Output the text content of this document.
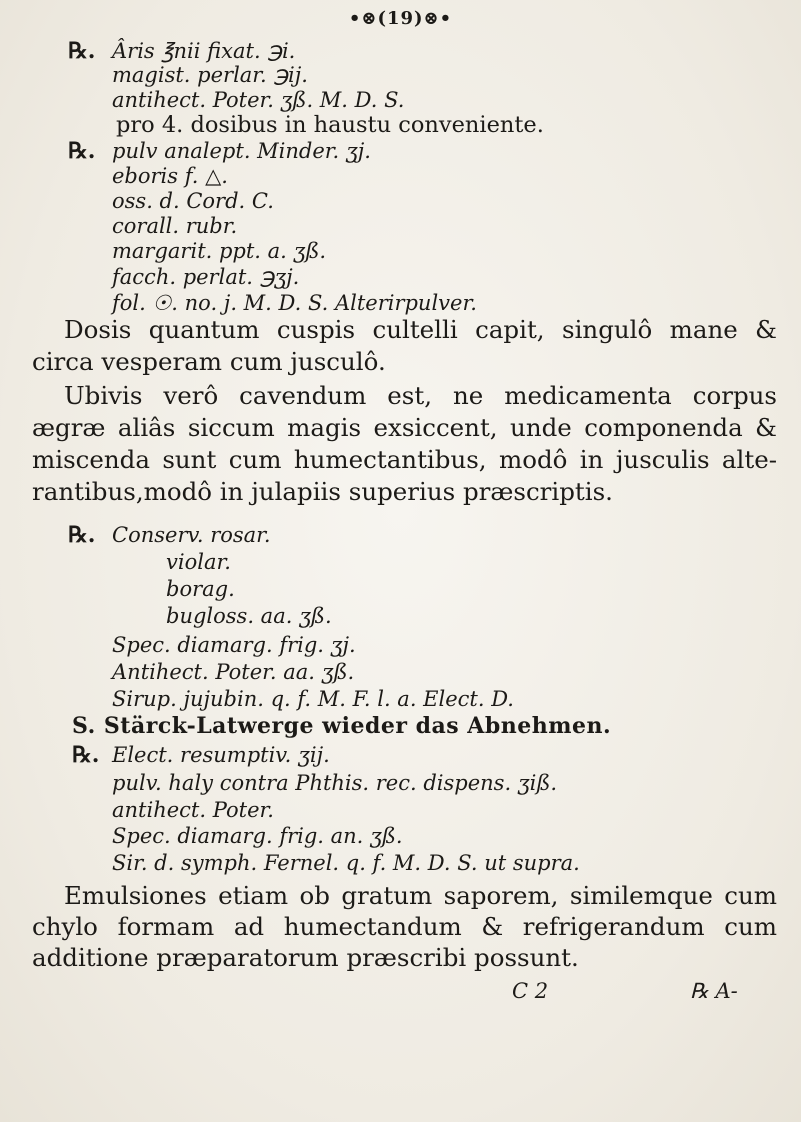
•⊗(19)⊗•
℞. Âris ℥nii fixat. ℈i.
magist. perlar. ℈ij.
antihect. Poter. ʒß. M. D. S.
pro 4. dosibus in haustu conveniente.
℞. pulv analept. Minder. ʒj.
eboris f. △.
oss. d. Cord. C.
corall. rubr.
margarit. ppt. a. ʒß.
facch. perlat. ℈ʒj.
fol. ☉. no. j. M. D. S. Alterirpulver.

Dosis quantum cuspis cultelli capit, singulô mane & circa vesperam cum jusculô.

Ubivis verô cavendum est, ne medicamenta corpus ægræ aliâs siccum magis exsiccent, unde componenda & miscenda sunt cum humectantibus, modô in jusculis alte-rantibus,modô in julapiis superius præscriptis.

℞. Conserv. rosar.
violar.
borag.
bugloss. aa. ʒß.
Spec. diamarg. frig. ʒj.
Antihect. Poter. aa. ʒß.
Sirup. jujubin. q. f. M. F. l. a. Elect. D.
S. Stärck-Latwerge wieder das Abnehmen.
℞. Elect. resumptiv. ʒij.
pulv. haly contra Phthis. rec. dispens. ʒiß.
antihect. Poter.
Spec. diamarg. frig. an. ʒß.
Sir. d. symph. Fernel. q. f. M. D. S. ut supra.

Emulsiones etiam ob gratum saporem, similemque cum chylo formam ad humectandum & refrigerandum cum additione præparatorum præscribi possunt.

C 2	℞ A-
